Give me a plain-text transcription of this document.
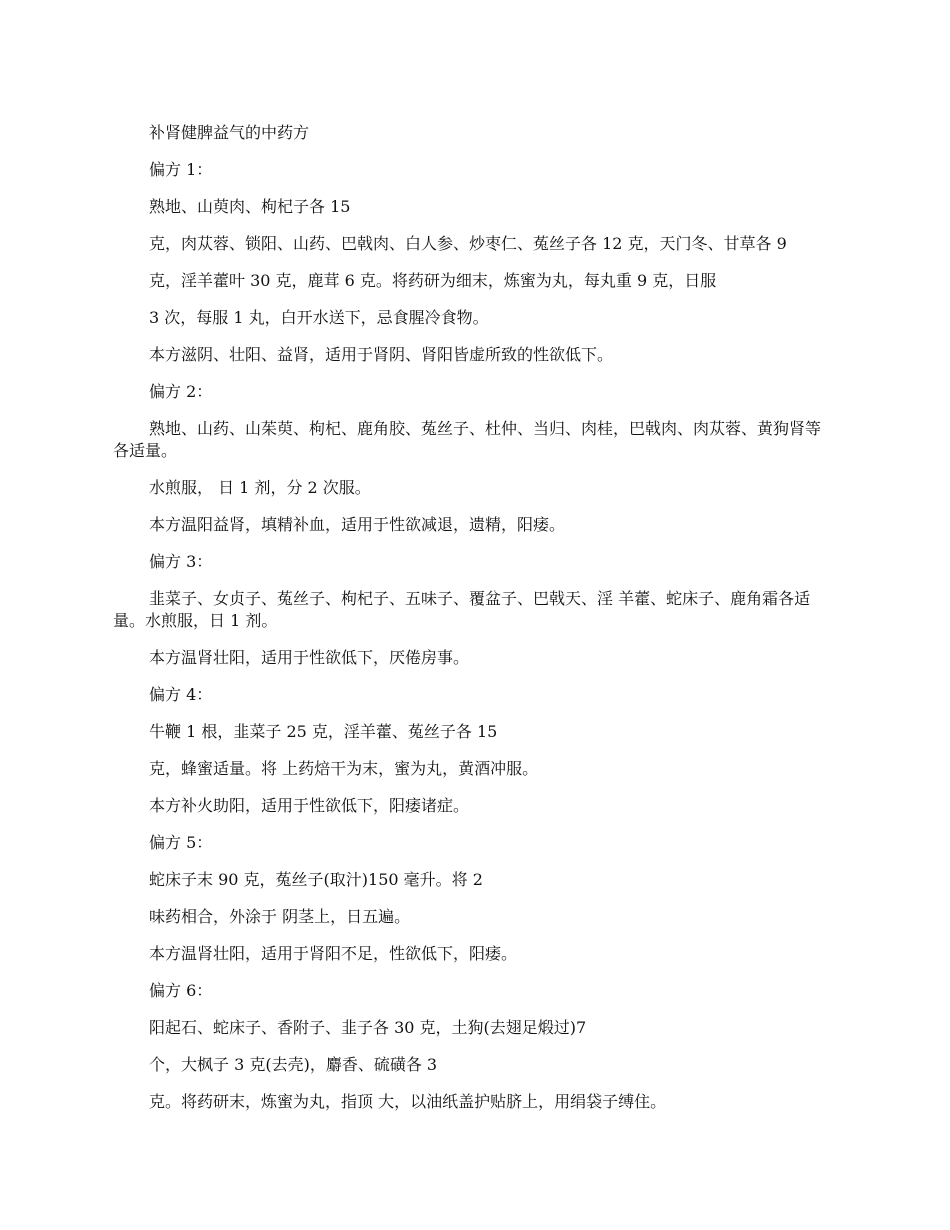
补肾健脾益气的中药方

偏方 1：

熟地、山萸肉、枸杞子各 15

克，肉苁蓉、锁阳、山药、巴戟肉、白人参、炒枣仁、菟丝子各 12 克，天门冬、甘草各 9

克，淫羊藿叶 30 克，鹿茸 6 克。将药研为细末，炼蜜为丸，每丸重 9 克，日服

3 次，每服 1 丸，白开水送下，忌食腥冷食物。

本方滋阴、壮阳、益肾，适用于肾阴、肾阳皆虚所致的性欲低下。

偏方 2：

熟地、山药、山茱萸、枸杞、鹿角胶、菟丝子、杜仲、当归、肉桂，巴戟肉、肉苁蓉、黄狗肾等各适量。

水煎服， 日 1 剂，分 2 次服。

本方温阳益肾，填精补血，适用于性欲减退，遗精，阳痿。

偏方 3：

韭菜子、女贞子、菟丝子、枸杞子、五味子、覆盆子、巴戟天、淫 羊藿、蛇床子、鹿角霜各适量。水煎服，日 1 剂。

本方温肾壮阳，适用于性欲低下，厌倦房事。

偏方 4：

牛鞭 1 根，韭菜子 25 克，淫羊藿、菟丝子各 15

克，蜂蜜适量。将 上药焙干为末，蜜为丸，黄酒冲服。

本方补火助阳，适用于性欲低下，阳痿诸症。

偏方 5：

蛇床子末 90 克，菟丝子(取汁)150 毫升。将 2

味药相合，外涂于 阴茎上，日五遍。

本方温肾壮阳，适用于肾阳不足，性欲低下，阳痿。

偏方 6：

阳起石、蛇床子、香附子、韭子各 30 克，土狗(去翅足煅过)7

个，大枫子 3 克(去壳)，麝香、硫磺各 3

克。将药研末，炼蜜为丸，指顶 大，以油纸盖护贴脐上，用绢袋子缚住。
